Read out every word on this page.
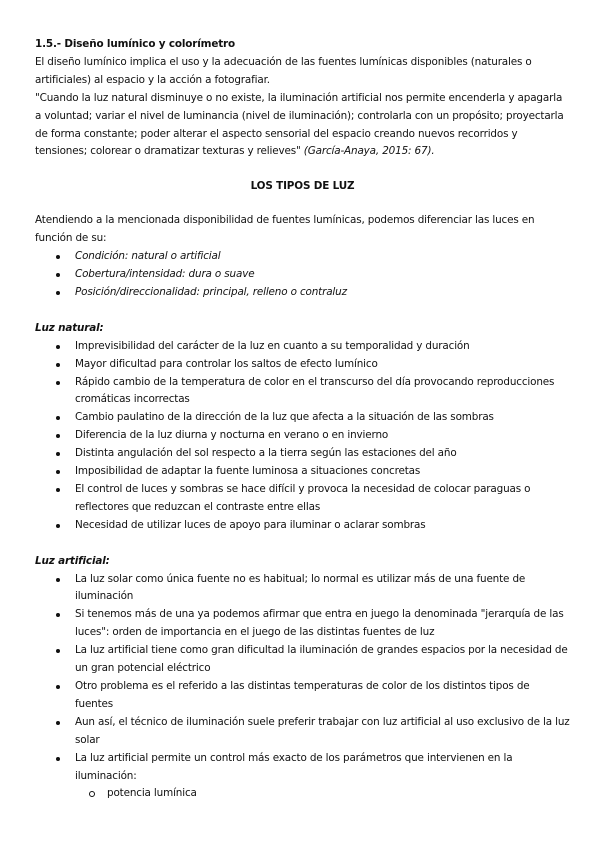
1.5.- Diseño lumínico y colorímetro

El diseño lumínico implica el uso y la adecuación de las fuentes lumínicas disponibles (naturales o artificiales) al espacio y la acción a fotografiar.

"Cuando la luz natural disminuye o no existe, la iluminación artificial nos permite encenderla y apagarla a voluntad; variar el nivel de luminancia (nivel de iluminación); controlarla con un propósito; proyectarla de forma constante; poder alterar el aspecto sensorial del espacio creando nuevos recorridos y tensiones; colorear o dramatizar texturas y relieves" (García-Anaya, 2015: 67).

LOS TIPOS DE LUZ

Atendiendo a la mencionada disponibilidad de fuentes lumínicas, podemos diferenciar las luces en función de su:

Condición: natural o artificial
Cobertura/intensidad: dura o suave
Posición/direccionalidad: principal, relleno o contraluz

Luz natural:

Imprevisibilidad del carácter de la luz en cuanto a su temporalidad y duración
Mayor dificultad para controlar los saltos de efecto lumínico
Rápido cambio de la temperatura de color en el transcurso del día provocando reproducciones cromáticas incorrectas
Cambio paulatino de la dirección de la luz que afecta a la situación de las sombras
Diferencia de la luz diurna y nocturna en verano o en invierno
Distinta angulación del sol respecto a la tierra según las estaciones del año
Imposibilidad de adaptar la fuente luminosa a situaciones concretas
El control de luces y sombras se hace difícil y provoca la necesidad de colocar paraguas o reflectores que reduzcan el contraste entre ellas
Necesidad de utilizar luces de apoyo para iluminar o aclarar sombras

Luz artificial:

La luz solar como única fuente no es habitual; lo normal es utilizar más de una fuente de iluminación
Si tenemos más de una ya podemos afirmar que entra en juego la denominada "jerarquía de las luces": orden de importancia en el juego de las distintas fuentes de luz
La luz artificial tiene como gran dificultad la iluminación de grandes espacios por la necesidad de un gran potencial eléctrico
Otro problema es el referido a las distintas temperaturas de color de los distintos tipos de fuentes
Aun así, el técnico de iluminación suele preferir trabajar con luz artificial al uso exclusivo de la luz solar
La luz artificial permite un control más exacto de los parámetros que intervienen en la iluminación:
potencia lumínica
